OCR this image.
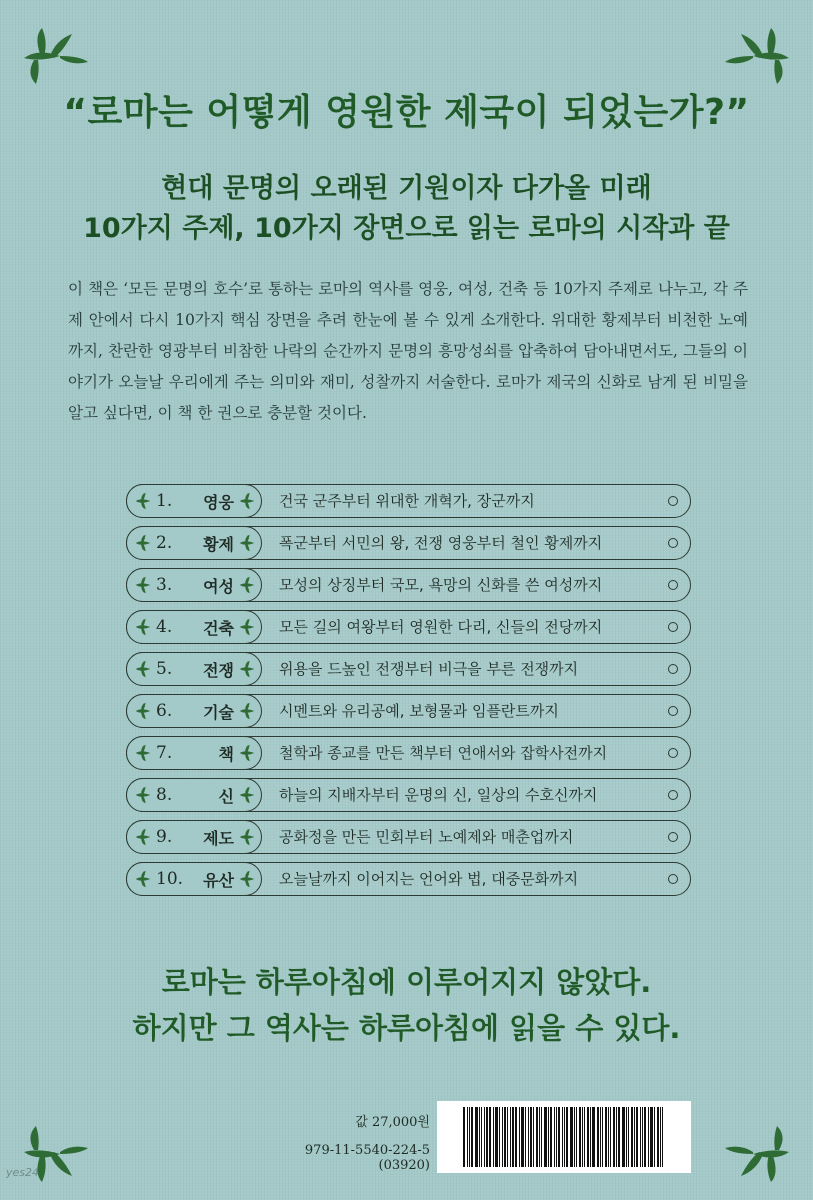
“로마는 어떻게 영원한 제국이 되었는가?”

현대 문명의 오래된 기원이자 다가올 미래

10가지 주제, 10가지 장면으로 읽는 로마의 시작과 끝

이 책은 ‘모든 문명의 호수’로 통하는 로마의 역사를 영웅, 여성, 건축 등 10가지 주제로 나누고, 각 주제 안에서 다시 10가지 핵심 장면을 추려 한눈에 볼 수 있게 소개한다. 위대한 황제부터 비천한 노예까지, 찬란한 영광부터 비참한 나락의 순간까지 문명의 흥망성쇠를 압축하여 담아내면서도, 그들의 이야기가 오늘날 우리에게 주는 의미와 재미, 성찰까지 서술한다. 로마가 제국의 신화로 남게 된 비밀을 알고 싶다면, 이 책 한 권으로 충분할 것이다.

1.	영웅	건국 군주부터 위대한 개혁가, 장군까지
2.	황제	폭군부터 서민의 왕, 전쟁 영웅부터 철인 황제까지
3.	여성	모성의 상징부터 국모, 욕망의 신화를 쓴 여성까지
4.	건축	모든 길의 여왕부터 영원한 다리, 신들의 전당까지
5.	전쟁	위용을 드높인 전쟁부터 비극을 부른 전쟁까지
6.	기술	시멘트와 유리공예, 보형물과 임플란트까지
7.	책	철학과 종교를 만든 책부터 연애서와 잡학사전까지
8.	신	하늘의 지배자부터 운명의 신, 일상의 수호신까지
9.	제도	공화정을 만든 민회부터 노예제와 매춘업까지
10.	유산	오늘날까지 이어지는 언어와 법, 대중문화까지

로마는 하루아침에 이루어지지 않았다.

하지만 그 역사는 하루아침에 읽을 수 있다.

값 27,000원

979-11-5540-224-5 (03920)

yes24
